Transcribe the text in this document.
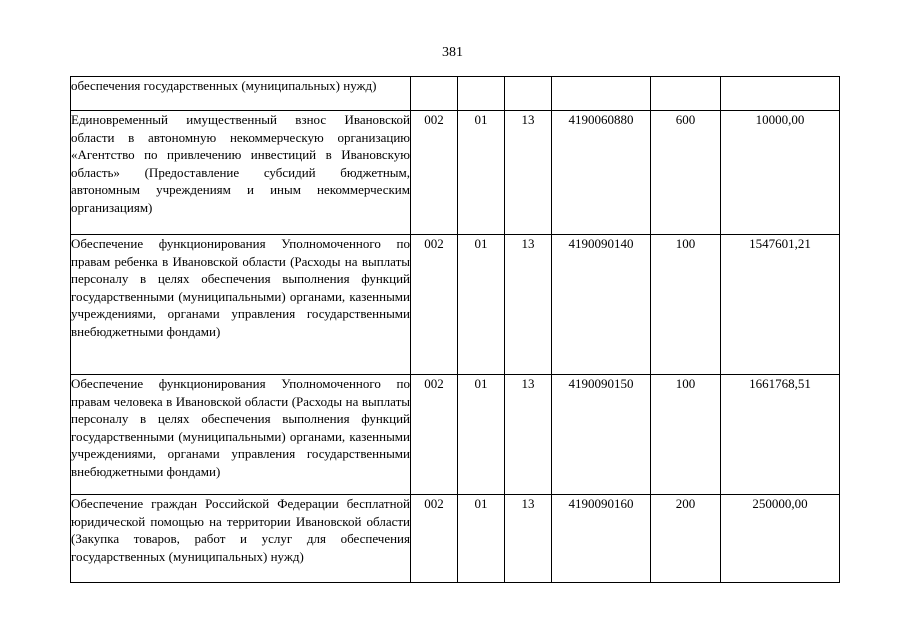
381
обеспечения государственных (муниципальных) нужд)						
Единовременный имущественный взнос Ивановской области в автономную некоммерческую организацию «Агентство по привлечению инвестиций в Ивановскую область» (Предоставление субсидий бюджетным, автономным учреждениям и иным некоммерческим организациям)	002	01	13	4190060880	600	10000,00
Обеспечение функционирования Уполномоченного по правам ребенка в Ивановской области (Расходы на выплаты персоналу в целях обеспечения выполнения функций государственными (муниципальными) органами, казенными учреждениями, органами управления государственными внебюджетными фондами)	002	01	13	4190090140	100	1547601,21
Обеспечение функционирования Уполномоченного по правам человека в Ивановской области (Расходы на выплаты персоналу в целях обеспечения выполнения функций государственными (муниципальными) органами, казенными учреждениями, органами управления государственными внебюджетными фондами)	002	01	13	4190090150	100	1661768,51
Обеспечение граждан Российской Федерации бесплатной юридической помощью на территории Ивановской области (Закупка товаров, работ и услуг для обеспечения государственных (муниципальных) нужд)	002	01	13	4190090160	200	250000,00
